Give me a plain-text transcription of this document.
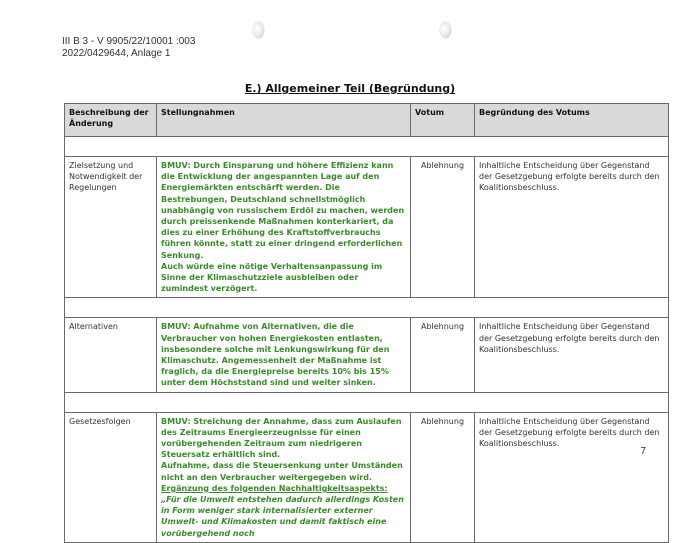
III B 3 - V 9905/22/10001 :003
2022/0429644, Anlage 1
E.) Allgemeiner Teil (Begründung)
Beschreibung der Änderung	Stellungnahmen	Votum	Begründung des Votums

Zielsetzung und Notwendigkeit der Regelungen	BMUV: Durch Einsparung und höhere Effizienz kann die Entwicklung der angespannten Lage auf den Energiemärkten entschärft werden. Die Bestrebungen, Deutschland schnellstmöglich unabhängig von russischem Erdöl zu machen, werden durch preissenkende Maßnahmen konterkariert, da dies zu einer Erhöhung des Kraftstoffverbrauchs führen könnte, statt zu einer dringend erforderlichen Senkung.
Auch würde eine nötige Verhaltensanpassung im Sinne der Klimaschutzziele ausbleiben oder zumindest verzögert.	Ablehnung	Inhaltliche Entscheidung über Gegenstand der Gesetzgebung erfolgte bereits durch den Koalitionsbeschluss.

Alternativen	BMUV: Aufnahme von Alternativen, die die Verbraucher von hohen Energiekosten entlasten, insbesondere solche mit Lenkungswirkung für den Klimaschutz. Angemessenheit der Maßnahme ist fraglich, da die Energiepreise bereits 10% bis 15% unter dem Höchststand sind und weiter sinken.	Ablehnung	Inhaltliche Entscheidung über Gegenstand der Gesetzgebung erfolgte bereits durch den Koalitionsbeschluss.

Gesetzesfolgen	BMUV: Streichung der Annahme, dass zum Auslaufen des Zeitraums Energieerzeugnisse für einen vorübergehenden Zeitraum zum niedrigeren Steuersatz erhältlich sind.
Aufnahme, dass die Steuersenkung unter Umständen nicht an den Verbraucher weitergegeben wird.
Ergänzung des folgenden Nachhaltigkeitsaspekts:
„Für die Umwelt entstehen dadurch allerdings Kosten in Form weniger stark internalisierter externer Umwelt- und Klimakosten und damit faktisch eine vorübergehend noch	Ablehnung	Inhaltliche Entscheidung über Gegenstand der Gesetzgebung erfolgte bereits durch den Koalitionsbeschluss.
7
